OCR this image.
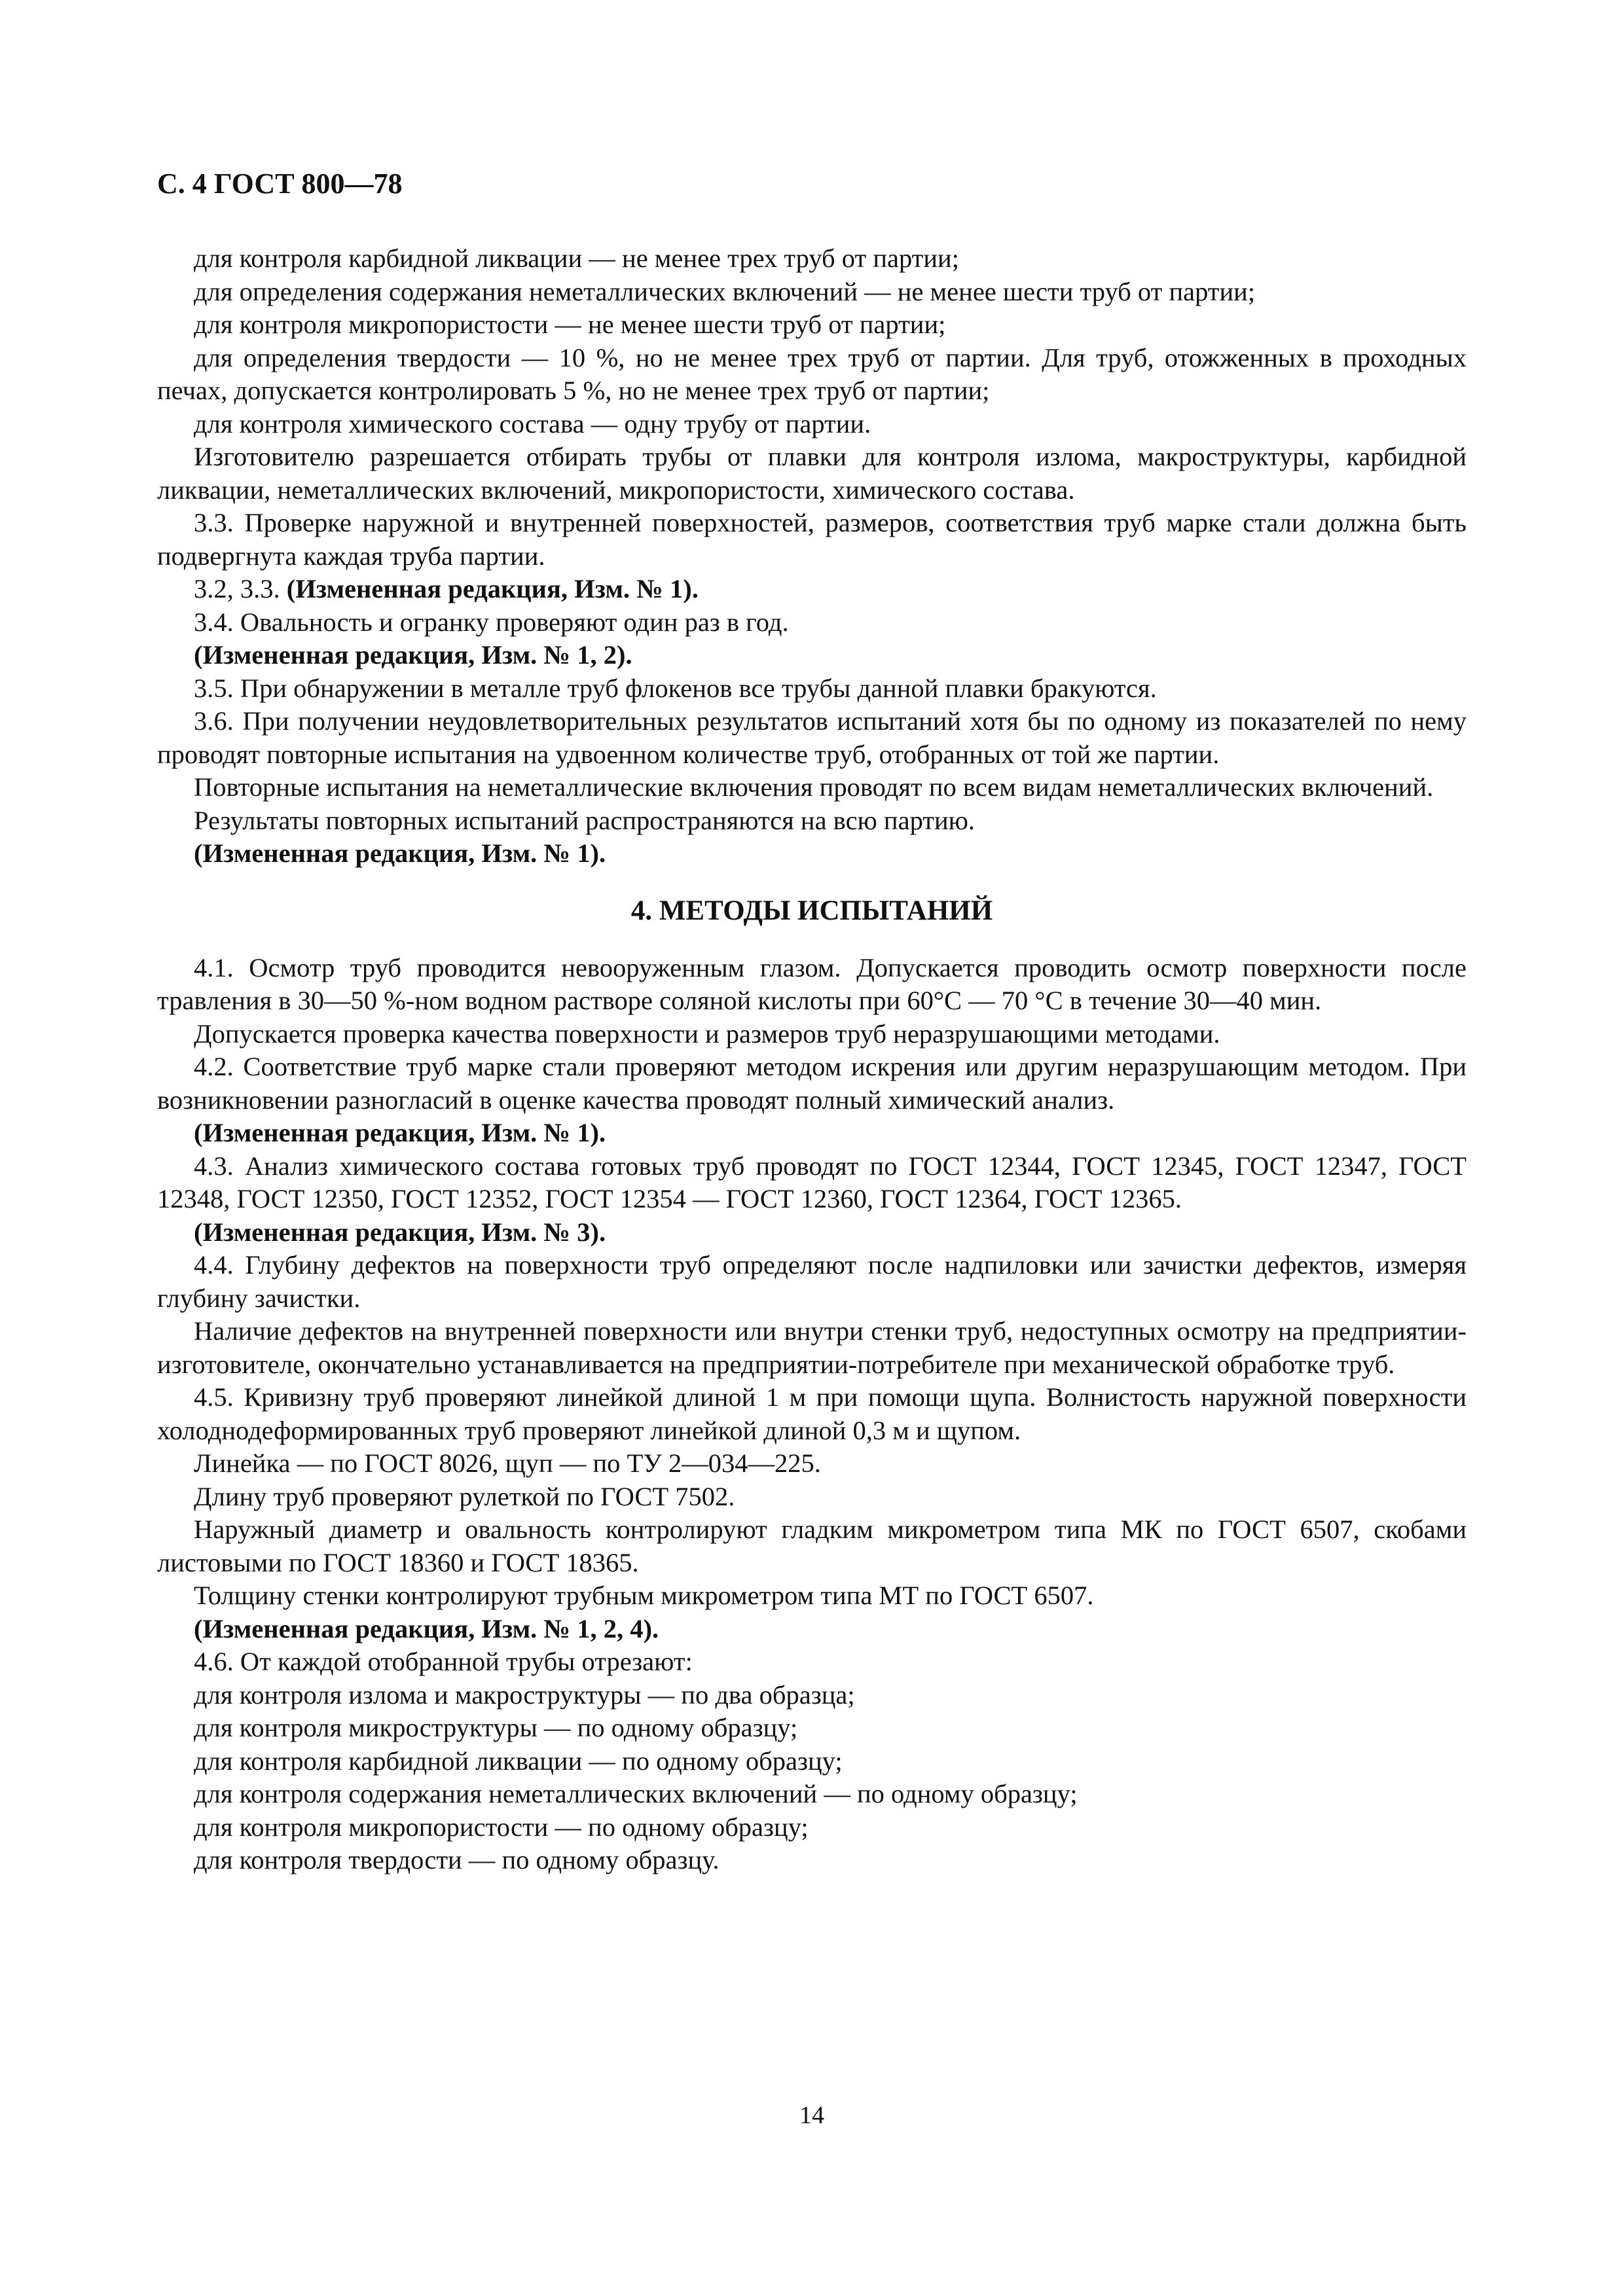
С. 4 ГОСТ 800—78

для контроля карбидной ликвации — не менее трех труб от партии;

для определения содержания неметаллических включений — не менее шести труб от партии;

для контроля микропористости — не менее шести труб от партии;

для определения твердости — 10 %, но не менее трех труб от партии. Для труб, отожженных в проходных печах, допускается контролировать 5 %, но не менее трех труб от партии;

для контроля химического состава — одну трубу от партии.

Изготовителю разрешается отбирать трубы от плавки для контроля излома, макроструктуры, карбидной ликвации, неметаллических включений, микропористости, химического состава.

3.3. Проверке наружной и внутренней поверхностей, размеров, соответствия труб марке стали должна быть подвергнута каждая труба партии.

3.2, 3.3. (Измененная редакция, Изм. № 1).

3.4. Овальность и огранку проверяют один раз в год.

(Измененная редакция, Изм. № 1, 2).

3.5. При обнаружении в металле труб флокенов все трубы данной плавки бракуются.

3.6. При получении неудовлетворительных результатов испытаний хотя бы по одному из показателей по нему проводят повторные испытания на удвоенном количестве труб, отобранных от той же партии.

Повторные испытания на неметаллические включения проводят по всем видам неметаллических включений.

Результаты повторных испытаний распространяются на всю партию.

(Измененная редакция, Изм. № 1).

4. МЕТОДЫ ИСПЫТАНИЙ

4.1. Осмотр труб проводится невооруженным глазом. Допускается проводить осмотр поверхности после травления в 30—50 %-ном водном растворе соляной кислоты при 60°С — 70 °С в течение 30—40 мин.

Допускается проверка качества поверхности и размеров труб неразрушающими методами.

4.2. Соответствие труб марке стали проверяют методом искрения или другим неразрушающим методом. При возникновении разногласий в оценке качества проводят полный химический анализ.

(Измененная редакция, Изм. № 1).

4.3. Анализ химического состава готовых труб проводят по ГОСТ 12344, ГОСТ 12345, ГОСТ 12347, ГОСТ 12348, ГОСТ 12350, ГОСТ 12352, ГОСТ 12354 — ГОСТ 12360, ГОСТ 12364, ГОСТ 12365.

(Измененная редакция, Изм. № 3).

4.4. Глубину дефектов на поверхности труб определяют после надпиловки или зачистки дефектов, измеряя глубину зачистки.

Наличие дефектов на внутренней поверхности или внутри стенки труб, недоступных осмотру на предприятии-изготовителе, окончательно устанавливается на предприятии-потребителе при механической обработке труб.

4.5. Кривизну труб проверяют линейкой длиной 1 м при помощи щупа. Волнистость наружной поверхности холоднодеформированных труб проверяют линейкой длиной 0,3 м и щупом.

Линейка — по ГОСТ 8026, щуп — по ТУ 2—034—225.

Длину труб проверяют рулеткой по ГОСТ 7502.

Наружный диаметр и овальность контролируют гладким микрометром типа МК по ГОСТ 6507, скобами листовыми по ГОСТ 18360 и ГОСТ 18365.

Толщину стенки контролируют трубным микрометром типа МТ по ГОСТ 6507.

(Измененная редакция, Изм. № 1, 2, 4).

4.6. От каждой отобранной трубы отрезают:

для контроля излома и макроструктуры — по два образца;

для контроля микроструктуры — по одному образцу;

для контроля карбидной ликвации — по одному образцу;

для контроля содержания неметаллических включений — по одному образцу;

для контроля микропористости — по одному образцу;

для контроля твердости — по одному образцу.

14
